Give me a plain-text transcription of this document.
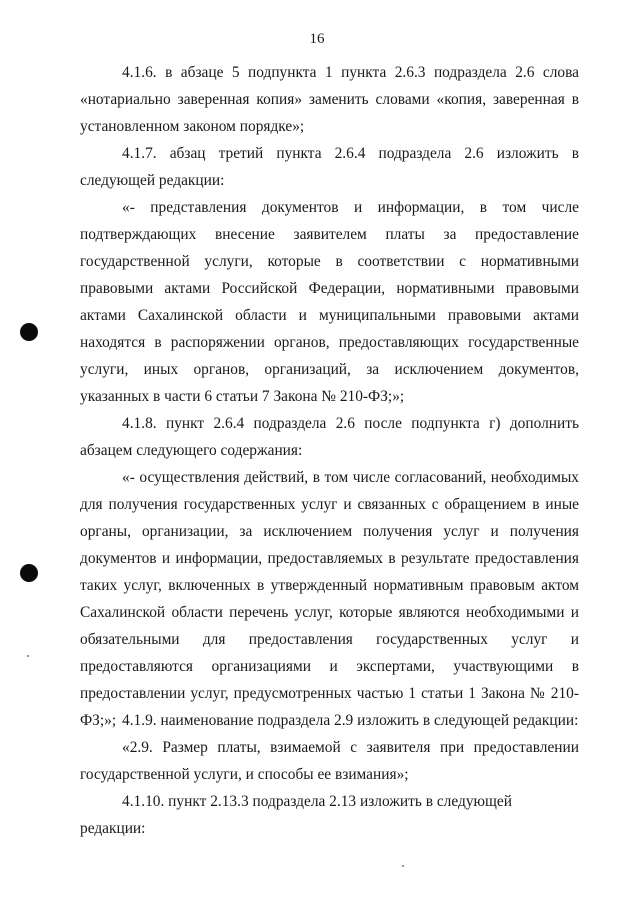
16

4.1.6. в абзаце 5 подпункта 1 пункта 2.6.3 подраздела 2.6 слова «нотариально заверенная копия» заменить словами «копия, заверенная в установленном законом порядке»;

4.1.7. абзац третий пункта 2.6.4 подраздела 2.6 изложить в следующей редакции:

«- представления документов и информации, в том числе подтверждающих внесение заявителем платы за предоставление государственной услуги, которые в соответствии с нормативными правовыми актами Российской Федерации, нормативными правовыми актами Сахалинской области и муниципальными правовыми актами находятся в распоряжении органов, предоставляющих государственные услуги, иных органов, организаций, за исключением документов, указанных в части 6 статьи 7 Закона № 210-ФЗ;»;

4.1.8. пункт 2.6.4 подраздела 2.6 после подпункта г) дополнить абзацем следующего содержания:

«- осуществления действий, в том числе согласований, необходимых для получения государственных услуг и связанных с обращением в иные органы, организации, за исключением получения услуг и получения документов и информации, предоставляемых в результате предоставления таких услуг, включенных в утвержденный нормативным правовым актом Сахалинской области перечень услуг, которые являются необходимыми и обязательными для предоставления государственных услуг и предоставляются организациями и экспертами, участвующими в предоставлении услуг, предусмотренных частью 1 статьи 1 Закона № 210-ФЗ;»; 4.1.9. наименование подраздела 2.9 изложить в следующей редакции:

«2.9. Размер платы, взимаемой с заявителя при предоставлении государственной услуги, и способы ее взимания»;

4.1.10. пункт 2.13.3 подраздела 2.13 изложить в следующей редакции:
